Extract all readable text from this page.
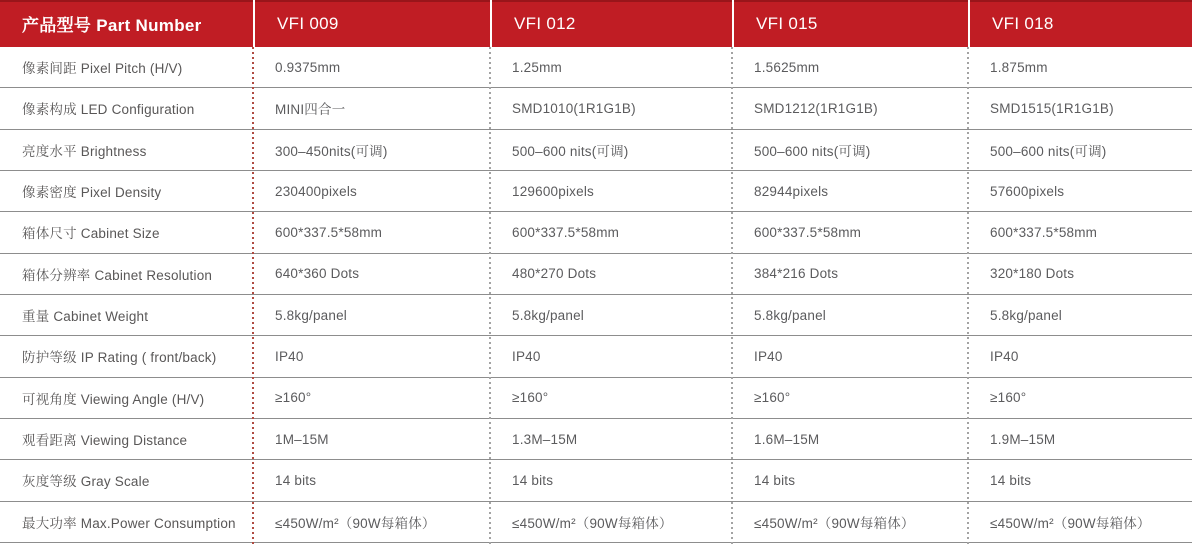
产品型号 Part Number	VFI 009	VFI 012	VFI 015	VFI 018
像素间距 Pixel Pitch (H/V)	0.9375mm	1.25mm	1.5625mm	1.875mm
像素构成 LED Configuration	MINI四合一	SMD1010(1R1G1B)	SMD1212(1R1G1B)	SMD1515(1R1G1B)
亮度水平 Brightness	300–450nits(可调)	500–600 nits(可调)	500–600 nits(可调)	500–600 nits(可调)
像素密度 Pixel Density	230400pixels	129600pixels	82944pixels	57600pixels
箱体尺寸 Cabinet Size	600*337.5*58mm	600*337.5*58mm	600*337.5*58mm	600*337.5*58mm
箱体分辨率 Cabinet Resolution	640*360 Dots	480*270 Dots	384*216 Dots	320*180 Dots
重量 Cabinet Weight	5.8kg/panel	5.8kg/panel	5.8kg/panel	5.8kg/panel
防护等级 IP Rating ( front/back)	IP40	IP40	IP40	IP40
可视角度 Viewing Angle (H/V)	≥160°	≥160°	≥160°	≥160°
观看距离 Viewing Distance	1M–15M	1.3M–15M	1.6M–15M	1.9M–15M
灰度等级 Gray Scale	14 bits	14 bits	14 bits	14 bits
最大功率 Max.Power Consumption	≤450W/m²（90W每箱体）	≤450W/m²（90W每箱体）	≤450W/m²（90W每箱体）	≤450W/m²（90W每箱体）
